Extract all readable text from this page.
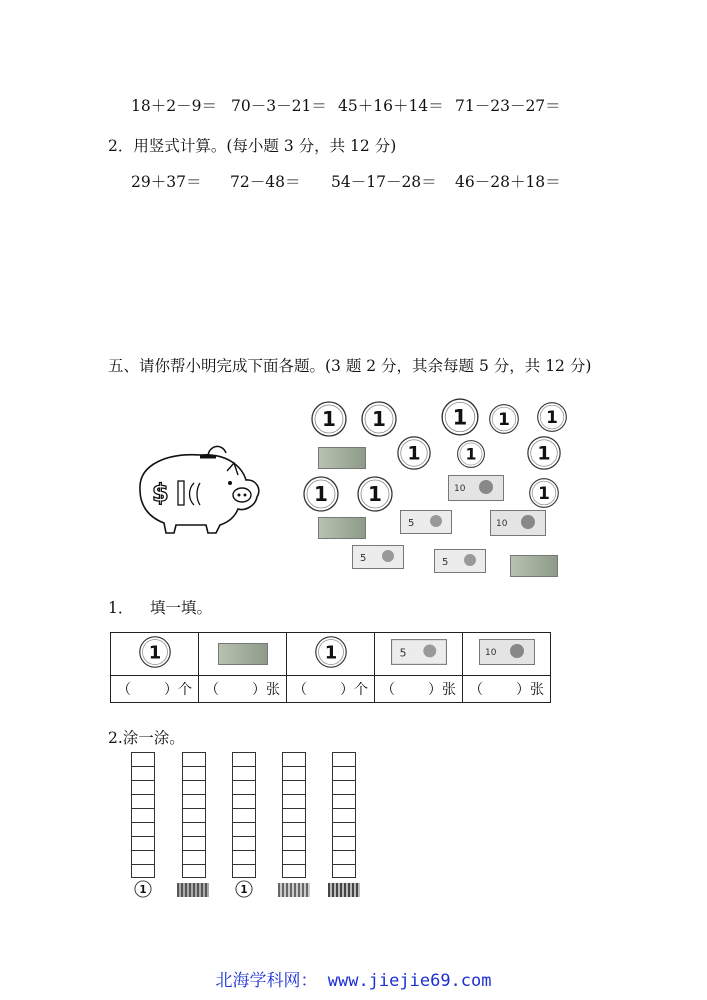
18＋2－9＝ 70－3－21＝ 45＋16＋14＝ 71－23－27＝
2．用竖式计算。(每小题 3 分，共 12 分)
29＋37＝ 72－48＝ 54－17－28＝ 46－28＋18＝
五、请你帮小明完成下面各题。(3 题 2 分，其余每题 5 分，共 12 分)
$
1 1	1 1 1
1 1	1
1 1	1
5
5	5
10
10
1． 填一填。
1		1	5	10

（ ）个	（ ）张	（ ）个	（ ）张	（ ）张
2.涂一涂。
1	1
北海学科网： www.jiejie69.com
